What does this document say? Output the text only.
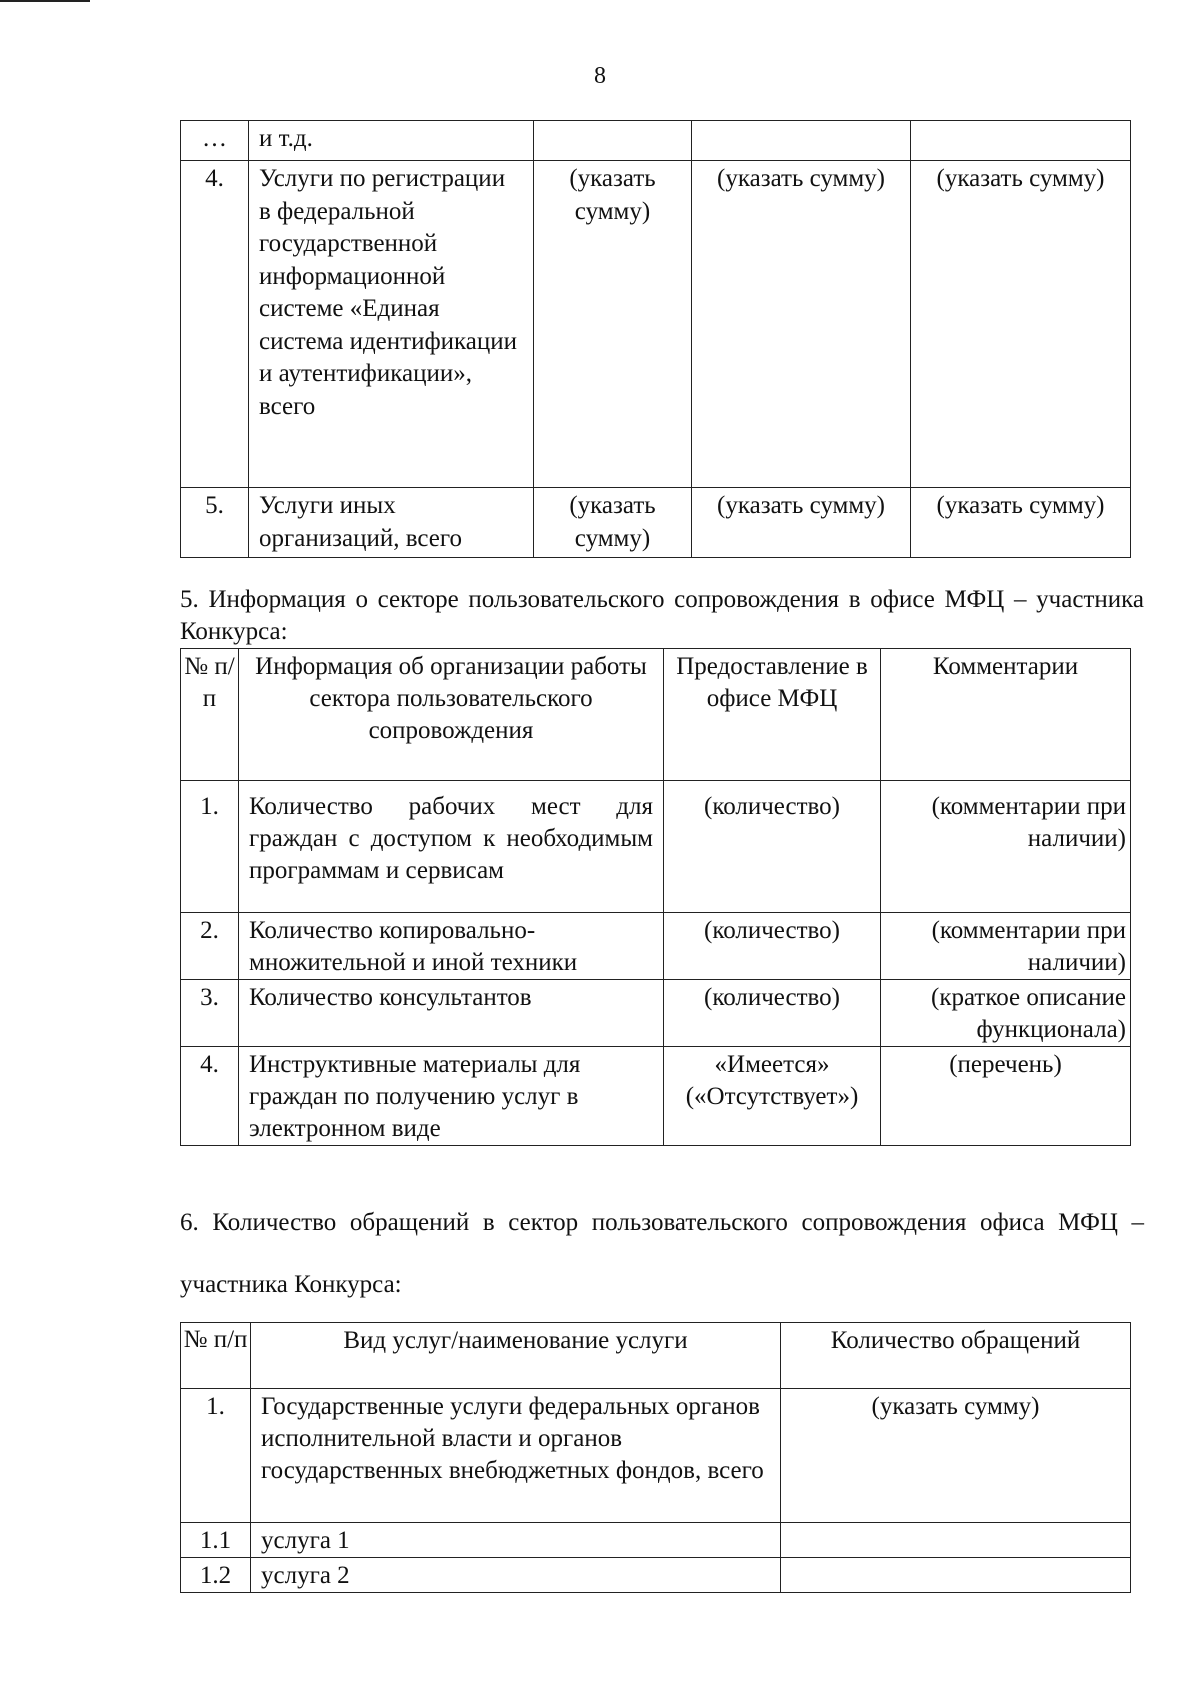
8
…	и т.д.			
4.	Услуги по регистрации в федеральной государственной информационной системе «Единая система идентификации и аутентификации», всего	(указать сумму)	(указать сумму)	(указать сумму)
5.	Услуги иных организаций, всего	(указать сумму)	(указать сумму)	(указать сумму)
5. Информация о секторе пользовательского сопровождения в офисе МФЦ – участника Конкурса:
№ п/п	Информация об организации работы сектора пользовательского сопровождения	Предоставление в офисе МФЦ	Комментарии
1.	Количество рабочих мест для граждан с доступом к необходимым программам и сервисам	(количество)	(комментарии при наличии)
2.	Количество копировально-множительной и иной техники	(количество)	(комментарии при наличии)
3.	Количество консультантов	(количество)	(краткое описание функционала)
4.	Инструктивные материалы для граждан по получению услуг в электронном виде	«Имеется» («Отсутствует»)	(перечень)
6. Количество обращений в сектор пользовательского сопровождения офиса МФЦ – участника Конкурса:
№ п/п	Вид услуг/наименование услуги	Количество обращений
1.	Государственные услуги федеральных органов исполнительной власти и органов государственных внебюджетных фондов, всего	(указать сумму)
1.1	услуга 1	
1.2	услуга 2	
